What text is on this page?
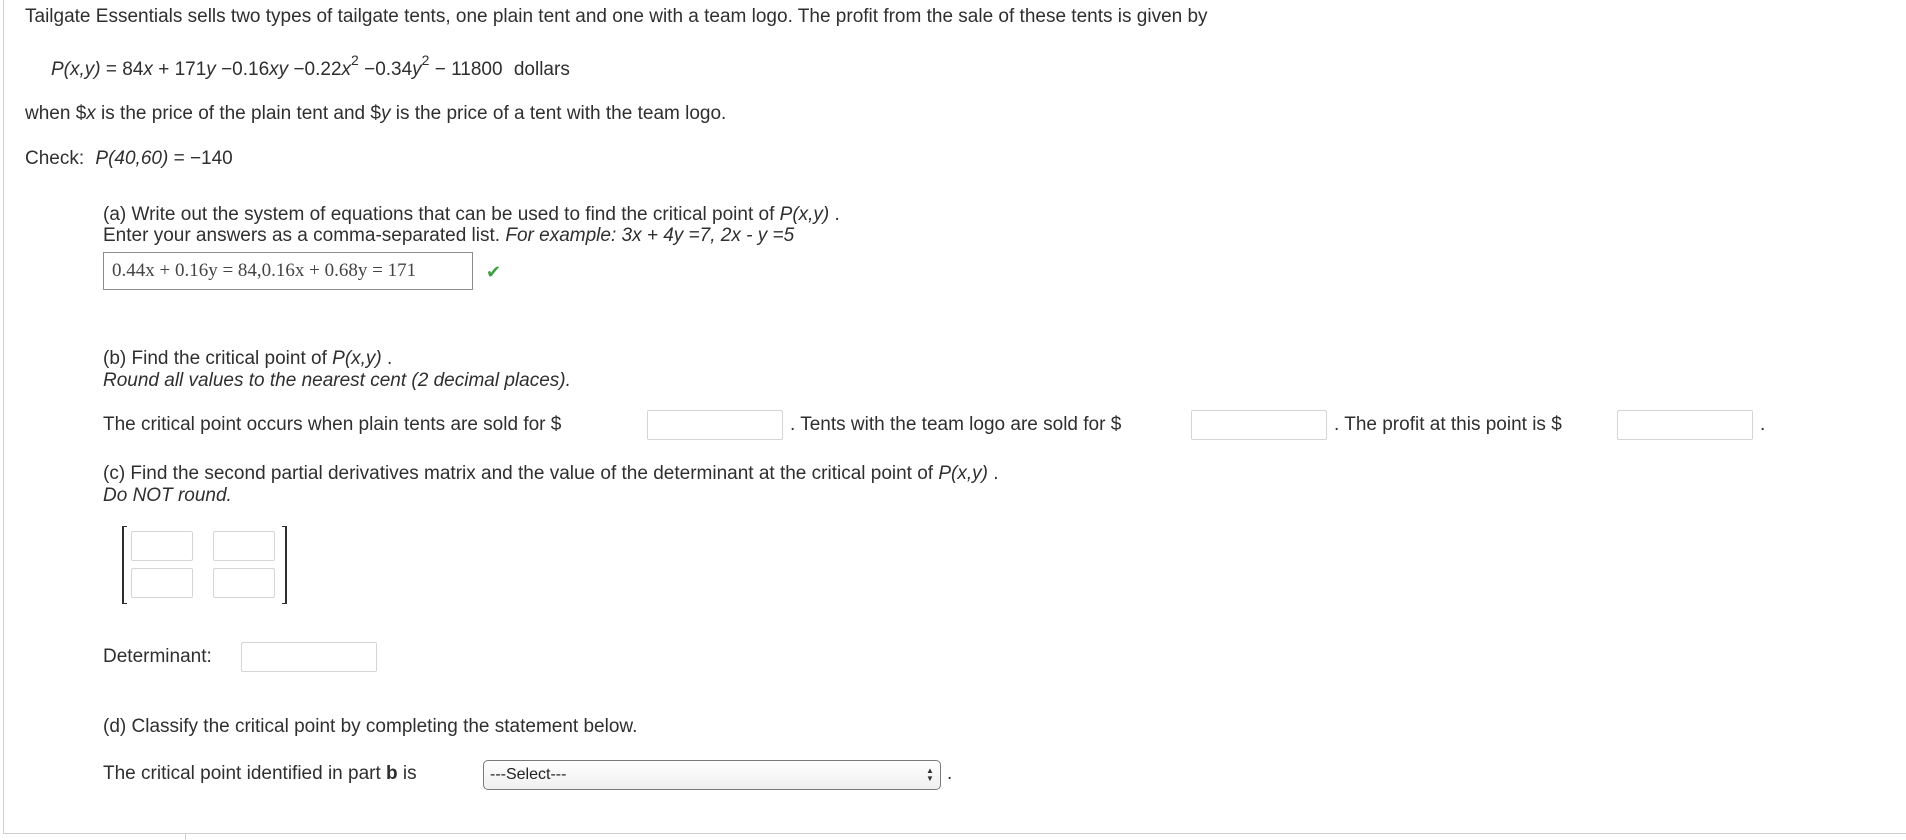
Tailgate Essentials sells two types of tailgate tents, one plain tent and one with a team logo. The profit from the sale of these tents is given by
$P(x,y) = 84x + 171y -0.16xy -0.22x^2 -0.34y^2 - 11800$ dollars
when $x is the price of the plain tent and $y is the price of a tent with the team logo.
Check: P(40,60) = −140
(a) Write out the system of equations that can be used to find the critical point of P(x,y) .
Enter your answers as a comma-separated list. For example: 3x + 4y =7, 2x - y =5
0.44x + 0.16y = 84,0.16x + 0.68y = 171	✔
(b) Find the critical point of P(x,y) .
Round all values to the nearest cent (2 decimal places).
The critical point occurs when plain tents are sold for $	. Tents with the team logo are sold for $	. The profit at this point is $	.
(c) Find the second partial derivatives matrix and the value of the determinant at the critical point of P(x,y) .
Do NOT round.
Determinant:
(d) Classify the critical point by completing the statement below.
The critical point identified in part b is	---Select---	▲
▼ .
